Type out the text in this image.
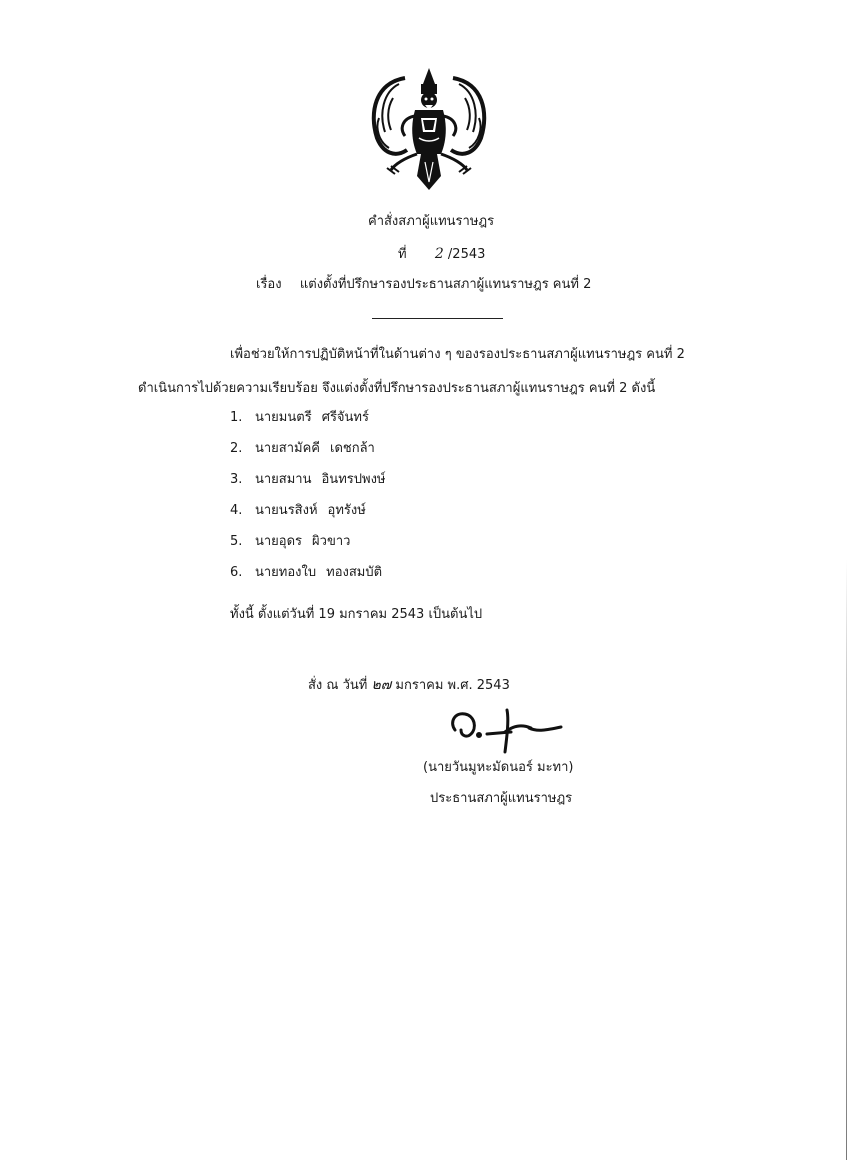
คำสั่งสภาผู้แทนราษฎร
ที่ 2 /2543
เรื่อง แต่งตั้งที่ปรึกษารองประธานสภาผู้แทนราษฎร คนที่ 2
เพื่อช่วยให้การปฏิบัติหน้าที่ในด้านต่าง ๆ ของรองประธานสภาผู้แทนราษฎร คนที่ 2
ดำเนินการไปด้วยความเรียบร้อย จึงแต่งตั้งที่ปรึกษารองประธานสภาผู้แทนราษฎร คนที่ 2 ดังนี้
1. นายมนตรี ศรีจันทร์
2. นายสามัคคี เดชกล้า
3. นายสมาน อินทรปพงษ์
4. นายนรสิงห์ อุทรังษ์
5. นายอุดร ผิวขาว
6. นายทองใบ ทองสมบัติ
ทั้งนี้ ตั้งแต่วันที่ 19 มกราคม 2543 เป็นต้นไป
สั่ง ณ วันที่ ๒๗ มกราคม พ.ศ. 2543
(นายวันมูหะมัดนอร์ มะทา)
ประธานสภาผู้แทนราษฎร
